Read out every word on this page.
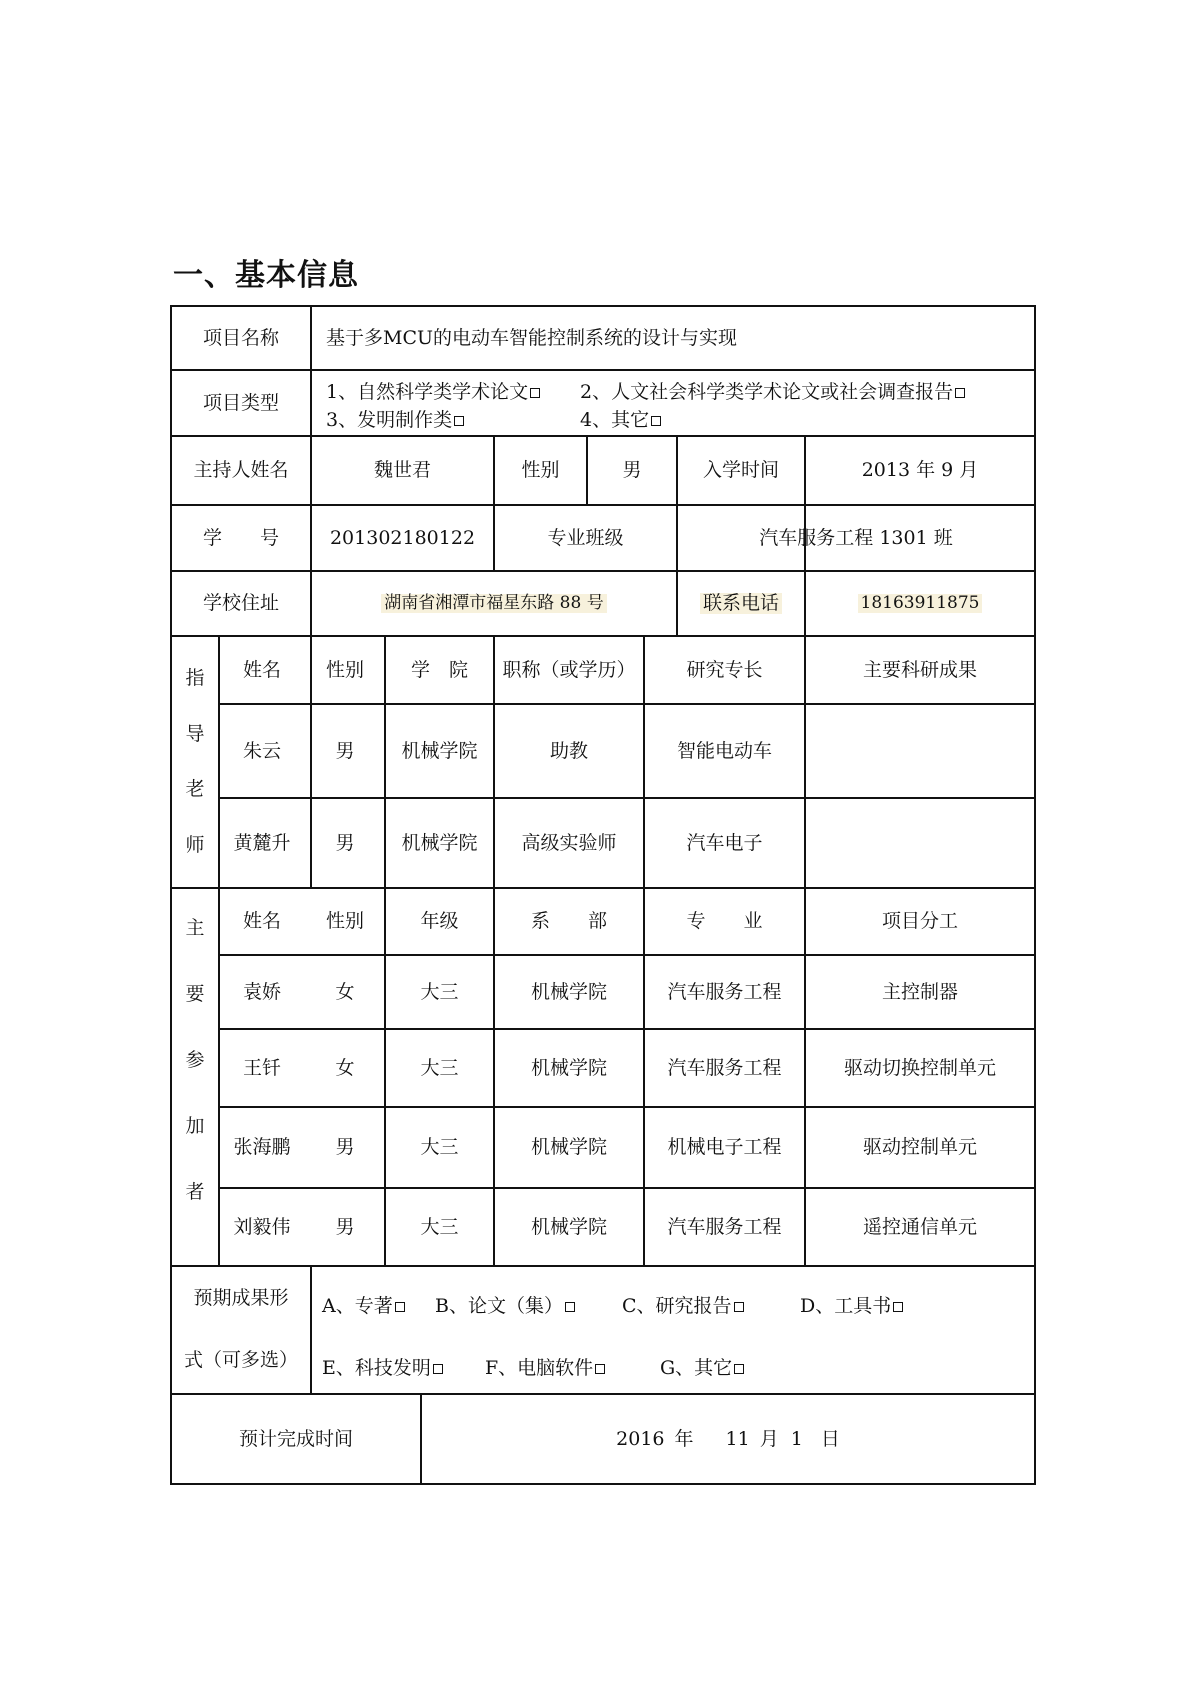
一、基本信息
项目名称	基于多MCU的电动车智能控制系统的设计与实现
项目类型	1、自然科学类学术论文	2、人文社会科学类学术论文或社会调查报告
3、发明制作类	4、其它
主持人姓名	魏世君	性别	男	入学时间	2013 年 9 月
学　　号	201302180122	专业班级	汽车服务工程 1301 班
学校住址	湖南省湘潭市福星东路 88 号	联系电话	18163911875
指
导
老
师
姓名	性别	学　院	职称（或学历）	研究专长	主要科研成果
朱云	男	机械学院	助教	智能电动车
黄麓升	男	机械学院	高级实验师	汽车电子
主
要
参
加
者
姓名	性别	年级	系　　部	专　　业	项目分工
袁娇	女	大三	机械学院	汽车服务工程	主控制器
王钎	女	大三	机械学院	汽车服务工程	驱动切换控制单元
张海鹏	男	大三	机械学院	机械电子工程	驱动控制单元
刘毅伟	男	大三	机械学院	汽车服务工程	遥控通信单元
预期成果形
式（可多选）
A、专著	B、论文（集）	C、研究报告	D、工具书
E、科技发明	F、电脑软件	G、其它
预计完成时间	2016 年 11 月 1 日
